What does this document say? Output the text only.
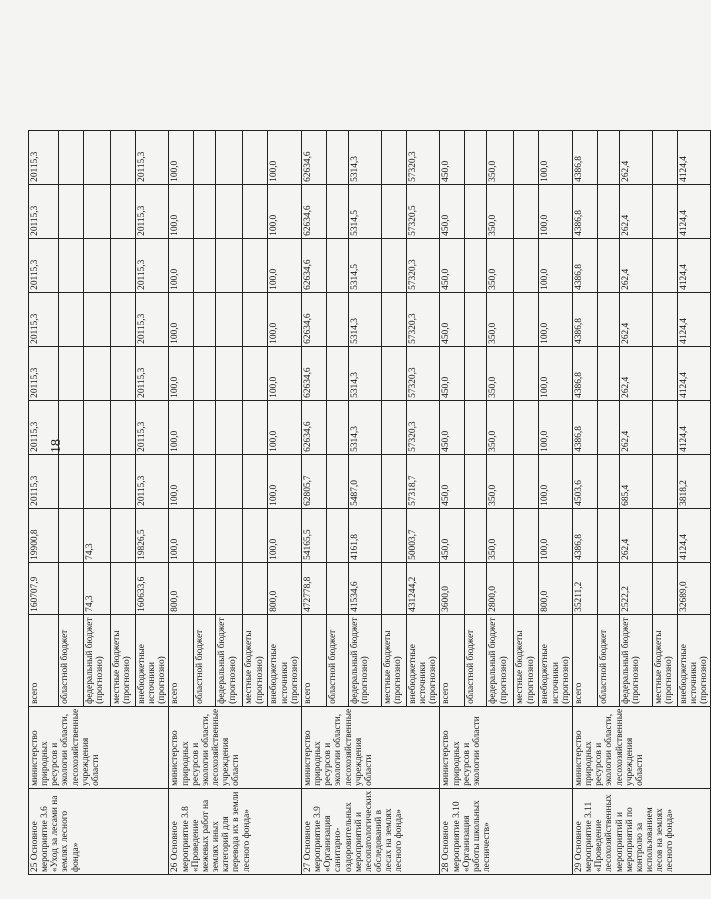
18
25 Основное мероприятие 3.6 «Уход за лесами на землях лесного фонда»	министерство природных ресурсов и экологии области, лесохозяйственные учреждения области	всего	160707,9	19900,8	20115,3	20115,3	20115,3	20115,3	20115,3	20115,3	20115,3
		областной бюджет									
		федеральный бюджет (прогнозно)	74,3	74,3							
		местные бюджеты (прогнозно)									
		внебюджетные источники (прогнозно)	160633,6	19826,5	20115,3	20115,3	20115,3	20115,3	20115,3	20115,3	20115,3
26 Основное мероприятие 3.8 «Проведение межевых работ на землях иных категорий для перевода их в земли лесного фонда»	министерство природных ресурсов и экологии области, лесохозяйственные учреждения области	всего	800,0	100,0	100,0	100,0	100,0	100,0	100,0	100,0	100,0
		областной бюджет									
		федеральный бюджет (прогнозно)									
		местные бюджеты (прогнозно)									
		внебюджетные источники (прогнозно)	800,0	100,0	100,0	100,0	100,0	100,0	100,0	100,0	100,0
27 Основное мероприятие 3.9 «Организация санитарно-оздоровительных мероприятий и лесопатологических обследований в лесах на землях лесного фонда»	министерство природных ресурсов и экологии области, лесохозяйственные учреждения области	всего	472778,8	54165,5	62805,7	62634,6	62634,6	62634,6	62634,6	62634,6	62634,6
		областной бюджет									
		федеральный бюджет (прогнозно)	41534,6	4161,8	5487,0	5314,3	5314,3	5314,3	5314,5	5314,5	5314,3
		местные бюджеты (прогнозно)									
		внебюджетные источники (прогнозно)	431244,2	50003,7	57318,7	57320,3	57320,3	57320,3	57320,3	57320,5	57320,3
28 Основное мероприятие 3.10 «Организация работы школьных лесничеств»	министерство природных ресурсов и экологии области	всего	3600,0	450,0	450,0	450,0	450,0	450,0	450,0	450,0	450,0
		областной бюджет									
		федеральный бюджет (прогнозно)	2800,0	350,0	350,0	350,0	350,0	350,0	350,0	350,0	350,0
		местные бюджеты (прогнозно)									
		внебюджетные источники (прогнозно)	800,0	100,0	100,0	100,0	100,0	100,0	100,0	100,0	100,0
29 Основное мероприятие 3.11 «Проведение лесохозяйственных мероприятий и мероприятий по контролю за использованием лесов на землях лесного фонда»	министерство природных ресурсов и экологии области, лесохозяйственные учреждения области	всего	35211,2	4386,8	4503,6	4386,8	4386,8	4386,8	4386,8	4386,8	4386,8
		областной бюджет									
		федеральный бюджет (прогнозно)	2522,2	262,4	685,4	262,4	262,4	262,4	262,4	262,4	262,4
		местные бюджеты (прогнозно)									
		внебюджетные источники (прогнозно)	32689,0	4124,4	3818,2	4124,4	4124,4	4124,4	4124,4	4124,4	4124,4
